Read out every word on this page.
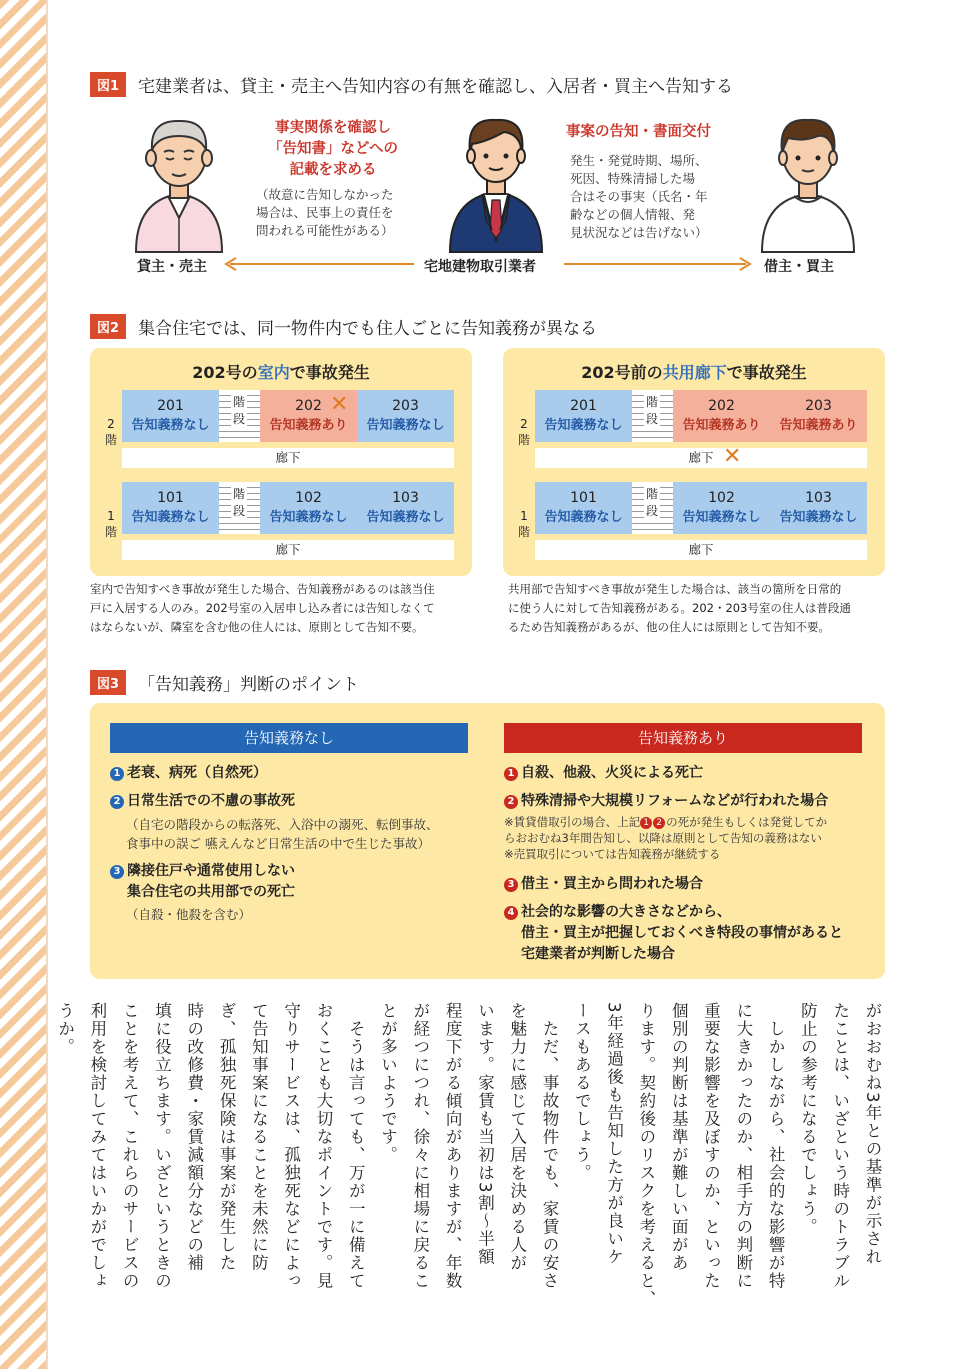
図1	宅建業者は、貸主・売主へ告知内容の有無を確認し、入居者・買主へ告知する
事実関係を確認し
「告知書」などへの
記載を求める
（故意に告知しなかった
場合は、民事上の責任を
問われる可能性がある）
事案の告知・書面交付
発生・発覚時期、場所、
死因、特殊清掃した場
合はその事実（氏名・年
齢などの個人情報、発
見状況などは告げない）
貸主・売主	宅地建物取引業者	借主・買主
図2	集合住宅では、同一物件内でも住人ごとに告知義務が異なる
202号の室内で事故発生
2階
201
告知義務なし
階段
202
告知義務あり
203
告知義務なし
✕
廊下
1階
101
告知義務なし
階段
102
告知義務なし
103
告知義務なし
廊下
室内で告知すべき事故が発生した場合、告知義務があるのは該当住
戸に入居する人のみ。202号室の入居申し込み者には告知しなくて
はならないが、隣室を含む他の住人には、原則として告知不要。
202号前の共用廊下で事故発生
2階
201
告知義務なし
階段
202
告知義務あり
203
告知義務あり
廊下 ✕
1階
101
告知義務なし
階段
102
告知義務なし
103
告知義務なし
廊下
共用部で告知すべき事故が発生した場合は、該当の箇所を日常的
に使う人に対して告知義務がある。202・203号室の住人は普段通
るため告知義務があるが、他の住人には原則として告知不要。
図3	「告知義務」判断のポイント
告知義務なし	告知義務あり
1 老衰、病死（自然死）
2 日常生活での不慮の事故死
（自宅の階段からの転落死、入浴中の溺死、転倒事故、
食事中の誤ご 嚥えんなど日常生活の中で生じた事故）
3 隣接住戸や通常使用しない
集合住宅の共用部での死亡
（自殺・他殺を含む）
1 自殺、他殺、火災による死亡
2 特殊清掃や大規模リフォームなどが行われた場合
※賃貸借取引の場合、上記 1 2 の死が発生もしくは発覚してか
らおおむね3年間告知し、以降は原則として告知の義務はない
※売買取引については告知義務が継続する
3 借主・買主から問われた場合
4 社会的な影響の大きさなどから、
借主・買主が把握しておくべき特段の事情があると
宅建業者が判断した場合

がおおむね3年との基準が示され

たことは、いざという時のトラブル

防止の参考になるでしょう。

　しかしながら、社会的な影響が特

に大きかったのか、相手方の判断に

重要な影響を及ぼすのか、といった

個別の判断は基準が難しい面があ

ります。契約後のリスクを考えると、

3年経過後も告知した方が良いケ

ースもあるでしょう。

　ただ、事故物件でも、家賃の安さ

を魅力に感じて入居を決める人が

います。家賃も当初は3割～半額

程度下がる傾向がありますが、年数

が経つにつれ、徐々に相場に戻るこ

とが多いようです。

　そうは言っても、万が一に備えて

おくことも大切なポイントです。見

守りサービスは、孤独死などによっ

て告知事案になることを未然に防

ぎ、孤独死保険は事案が発生した

時の改修費・家賃減額分などの補

填に役立ちます。いざというときの

ことを考えて、これらのサービスの

利用を検討してみてはいかがでしょ

うか。
